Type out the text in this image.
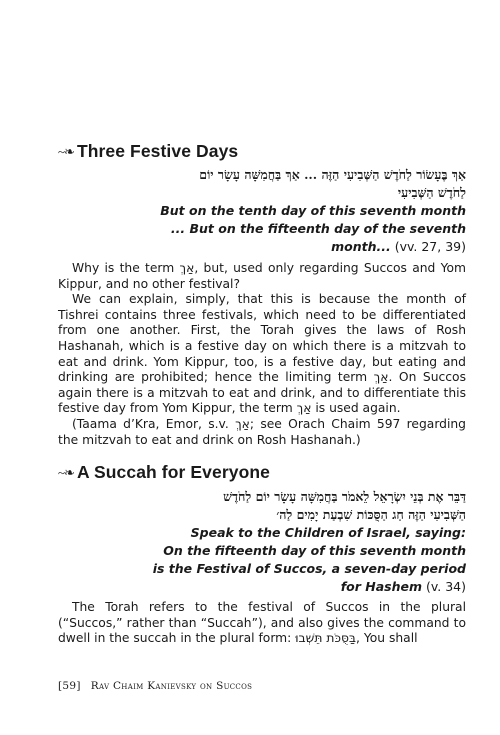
~❧ Three Festive Days
אַךְ בֶּעָשׂוֹר לַחֹדֶשׁ הַשְּׁבִיעִי הַזֶּה ... אַךְ בַּחֲמִשָּׁה עָשָׂר יוֹם
לַחֹדֶשׁ הַשְּׁבִיעִי
But on the tenth day of this seventh month
... But on the fifteenth day of the seventh
month... (vv. 27, 39)

Why is the term אַךְ, but, used only regarding Succos and Yom Kippur, and no other festival?

We can explain, simply, that this is because the month of Tishrei contains three festivals, which need to be differentiated from one another. First, the Torah gives the laws of Rosh Hashanah, which is a festive day on which there is a mitzvah to eat and drink. Yom Kippur, too, is a festive day, but eating and drinking are prohibited; hence the limiting term אַךְ. On Succos again there is a mitzvah to eat and drink, and to differentiate this festive day from Yom Kippur, the term אַךְ is used again.

(Taama d’Kra, Emor, s.v. אַךְ; see Orach Chaim 597 regarding the mitzvah to eat and drink on Rosh Hashanah.)

~❧ A Succah for Everyone
דַּבֵּר אֶת בְּנֵי יִשְׂרָאֵל לֵאמֹר בַּחֲמִשָּׁה עָשָׂר יוֹם לַחֹדֶשׁ
הַשְּׁבִיעִי הַזֶּה חַג הַסֻּכּוֹת שִׁבְעַת יָמִים לַה׳
Speak to the Children of Israel, saying:
On the fifteenth day of this seventh month
is the Festival of Succos, a seven-day period
for Hashem (v. 34)

The Torah refers to the festival of Succos in the plural (“Succos,” rather than “Succah”), and also gives the command to dwell in the succah in the plural form: בַּסֻּכֹּת תֵּשְׁבוּ, You shall

[59] Rav Chaim Kanievsky on Succos
